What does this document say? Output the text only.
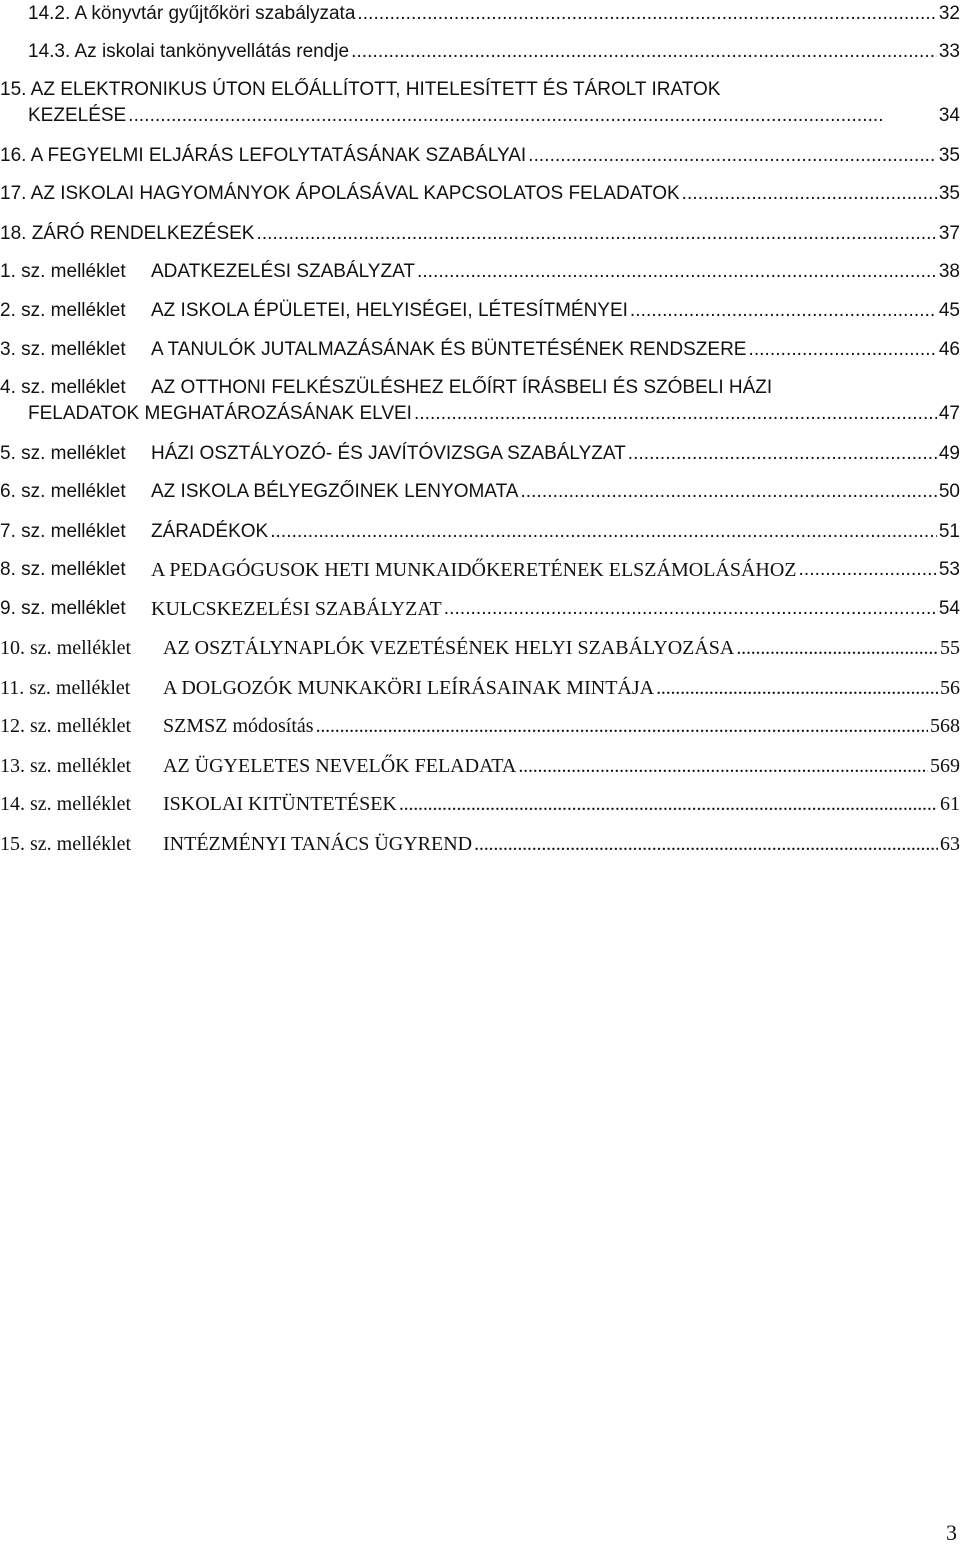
14.2. A könyvtár gyűjtőköri szabályzata . . .	32
14.3. Az iskolai tankönyvellátás rendje . . .	33
15. AZ ELEKTRONIKUS ÚTON ELŐÁLLÍTOTT, HITELESÍTETT ÉS TÁROLT IRATOK
KEZELÉSE . . .	34
16. A FEGYELMI ELJÁRÁS LEFOLYTATÁSÁNAK SZABÁLYAI . . .	35
17. AZ ISKOLAI HAGYOMÁNYOK ÁPOLÁSÁVAL KAPCSOLATOS FELADATOK . . .	35
18. ZÁRÓ RENDELKEZÉSEK . . .	37
1. sz. melléklet	ADATKEZELÉSI SZABÁLYZAT . . .	38
2. sz. melléklet	AZ ISKOLA ÉPÜLETEI, HELYISÉGEI, LÉTESÍTMÉNYEI . . .	45
3. sz. melléklet	A TANULÓK JUTALMAZÁSÁNAK ÉS BÜNTETÉSÉNEK RENDSZERE . . .	46
4. sz. melléklet	AZ OTTHONI FELKÉSZÜLÉSHEZ ELŐÍRT ÍRÁSBELI ÉS SZÓBELI HÁZI
FELADATOK MEGHATÁROZÁSÁNAK ELVEI . . .	47
5. sz. melléklet	HÁZI OSZTÁLYOZÓ- ÉS JAVÍTÓVIZSGA SZABÁLYZAT . . .	49
6. sz. melléklet	AZ ISKOLA BÉLYEGZŐINEK LENYOMATA . . .	50
7. sz. melléklet	ZÁRADÉKOK . . .	51
8. sz. melléklet	A PEDAGÓGUSOK HETI MUNKAIDŐKERETÉNEK ELSZÁMOLÁSÁHOZ . . .	53
9. sz. melléklet	KULCSKEZELÉSI SZABÁLYZAT . . .	54
10. sz. melléklet	AZ OSZTÁLYNAPLÓK VEZETÉSÉNEK HELYI SZABÁLYOZÁSA . . .	55
11. sz. melléklet	A DOLGOZÓK MUNKAKÖRI LEÍRÁSAINAK MINTÁJA . . .	56
12. sz. melléklet	SZMSZ módosítás . . .	568
13. sz. melléklet	AZ ÜGYELETES NEVELŐK FELADATA . . .	569
14. sz. melléklet	ISKOLAI KITÜNTETÉSEK . . .	61
15. sz. melléklet	INTÉZMÉNYI TANÁCS ÜGYREND . . .	63
3
